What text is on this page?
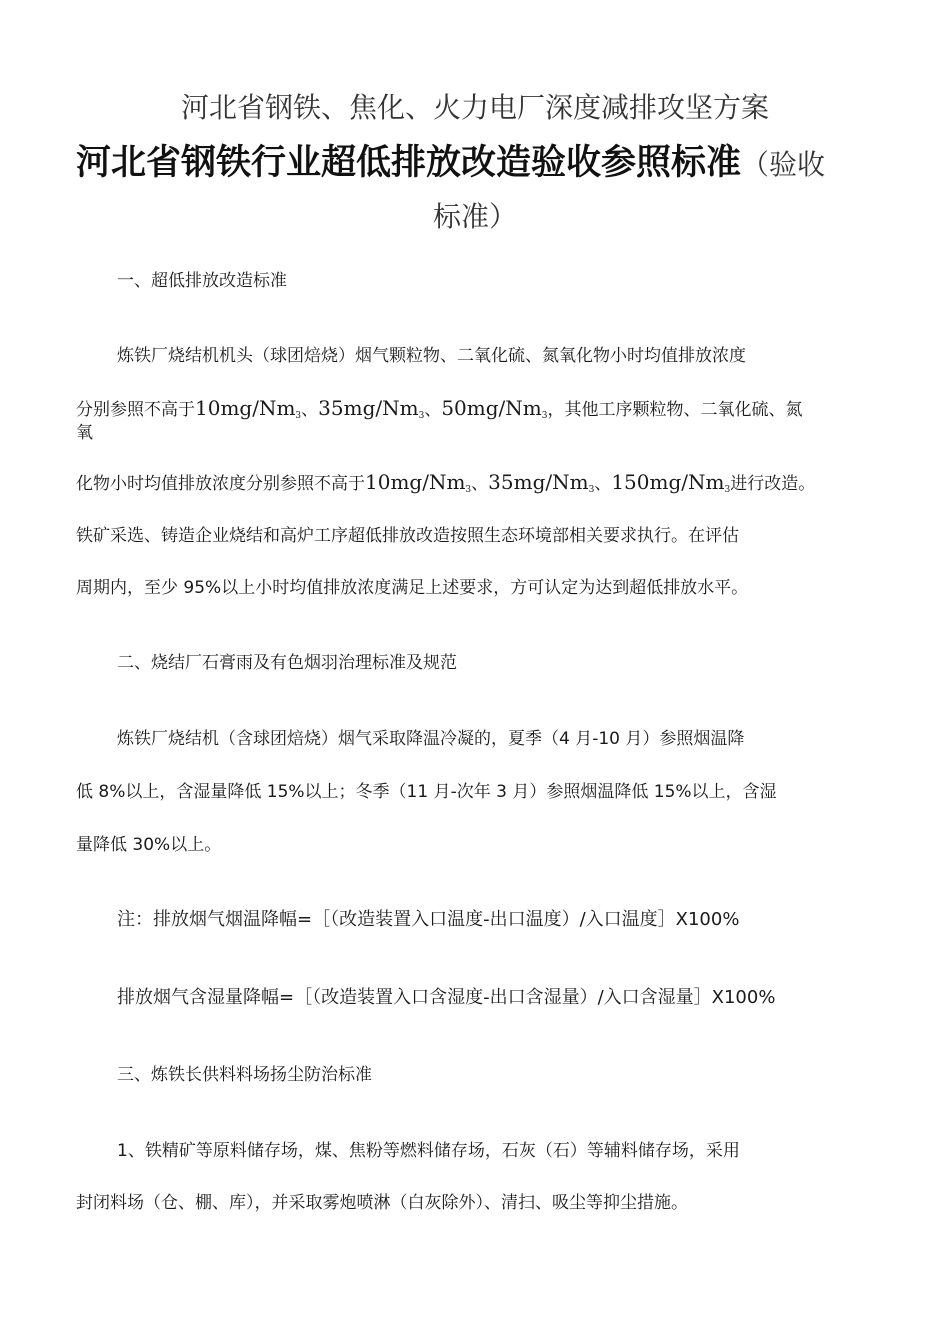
河北省钢铁、焦化、火力电厂深度减排攻坚方案
河北省钢铁行业超低排放改造验收参照标准（验收
标准）
一、超低排放改造标准
炼铁厂烧结机机头（球团焙烧）烟气颗粒物、二氧化硫、氮氧化物小时均值排放浓度
分别参照不高于$10mg/Nm_3$、$35mg/Nm_3$、$50mg/Nm_3$，其他工序颗粒物、二氧化硫、氮
氧
化物小时均值排放浓度分别参照不高于$10mg/Nm_3$、$35mg/Nm_3$、$150mg/Nm_3$进行改造。
铁矿采选、铸造企业烧结和高炉工序超低排放改造按照生态环境部相关要求执行。在评估
周期内，至少 95%以上小时均值排放浓度满足上述要求，方可认定为达到超低排放水平。
二、烧结厂石膏雨及有色烟羽治理标准及规范
炼铁厂烧结机（含球团焙烧）烟气采取降温冷凝的，夏季（4 月-10 月）参照烟温降
低 8%以上，含湿量降低 15%以上；冬季（11 月-次年 3 月）参照烟温降低 15%以上，含湿
量降低 30%以上。
注：排放烟气烟温降幅=［（改造装置入口温度-出口温度）/入口温度］X100%
排放烟气含湿量降幅=［（改造装置入口含湿度-出口含湿量）/入口含湿量］X100%
三、炼铁长供料料场扬尘防治标准
1、铁精矿等原料储存场，煤、焦粉等燃料储存场，石灰（石）等辅料储存场，采用
封闭料场（仓、棚、库），并采取雾炮喷淋（白灰除外）、清扫、吸尘等抑尘措施。
